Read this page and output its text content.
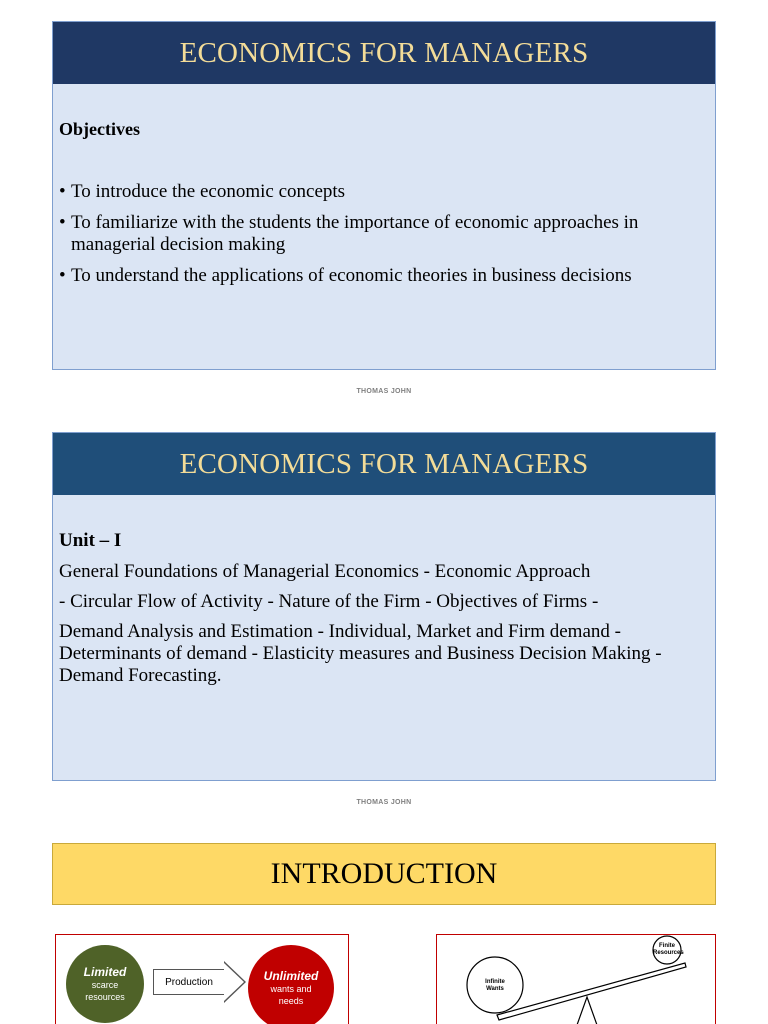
ECONOMICS FOR MANAGERS
Objectives
• To introduce the economic concepts
• To familiarize with the students the importance of economic approaches in managerial decision making
• To understand the applications of economic theories in business decisions
THOMAS JOHN
ECONOMICS FOR MANAGERS
Unit – I

General Foundations of Managerial Economics - Economic Approach

- Circular Flow of Activity - Nature of the Firm - Objectives of Firms -

Demand Analysis and Estimation - Individual, Market and Firm demand - Determinants of demand - Elasticity measures and Business Decision Making - Demand Forecasting.

THOMAS JOHN
INTRODUCTION
Limited
scarce
resources
Production	Unlimited
wants and
needs
Finite
Resources
Infinite
Wants
